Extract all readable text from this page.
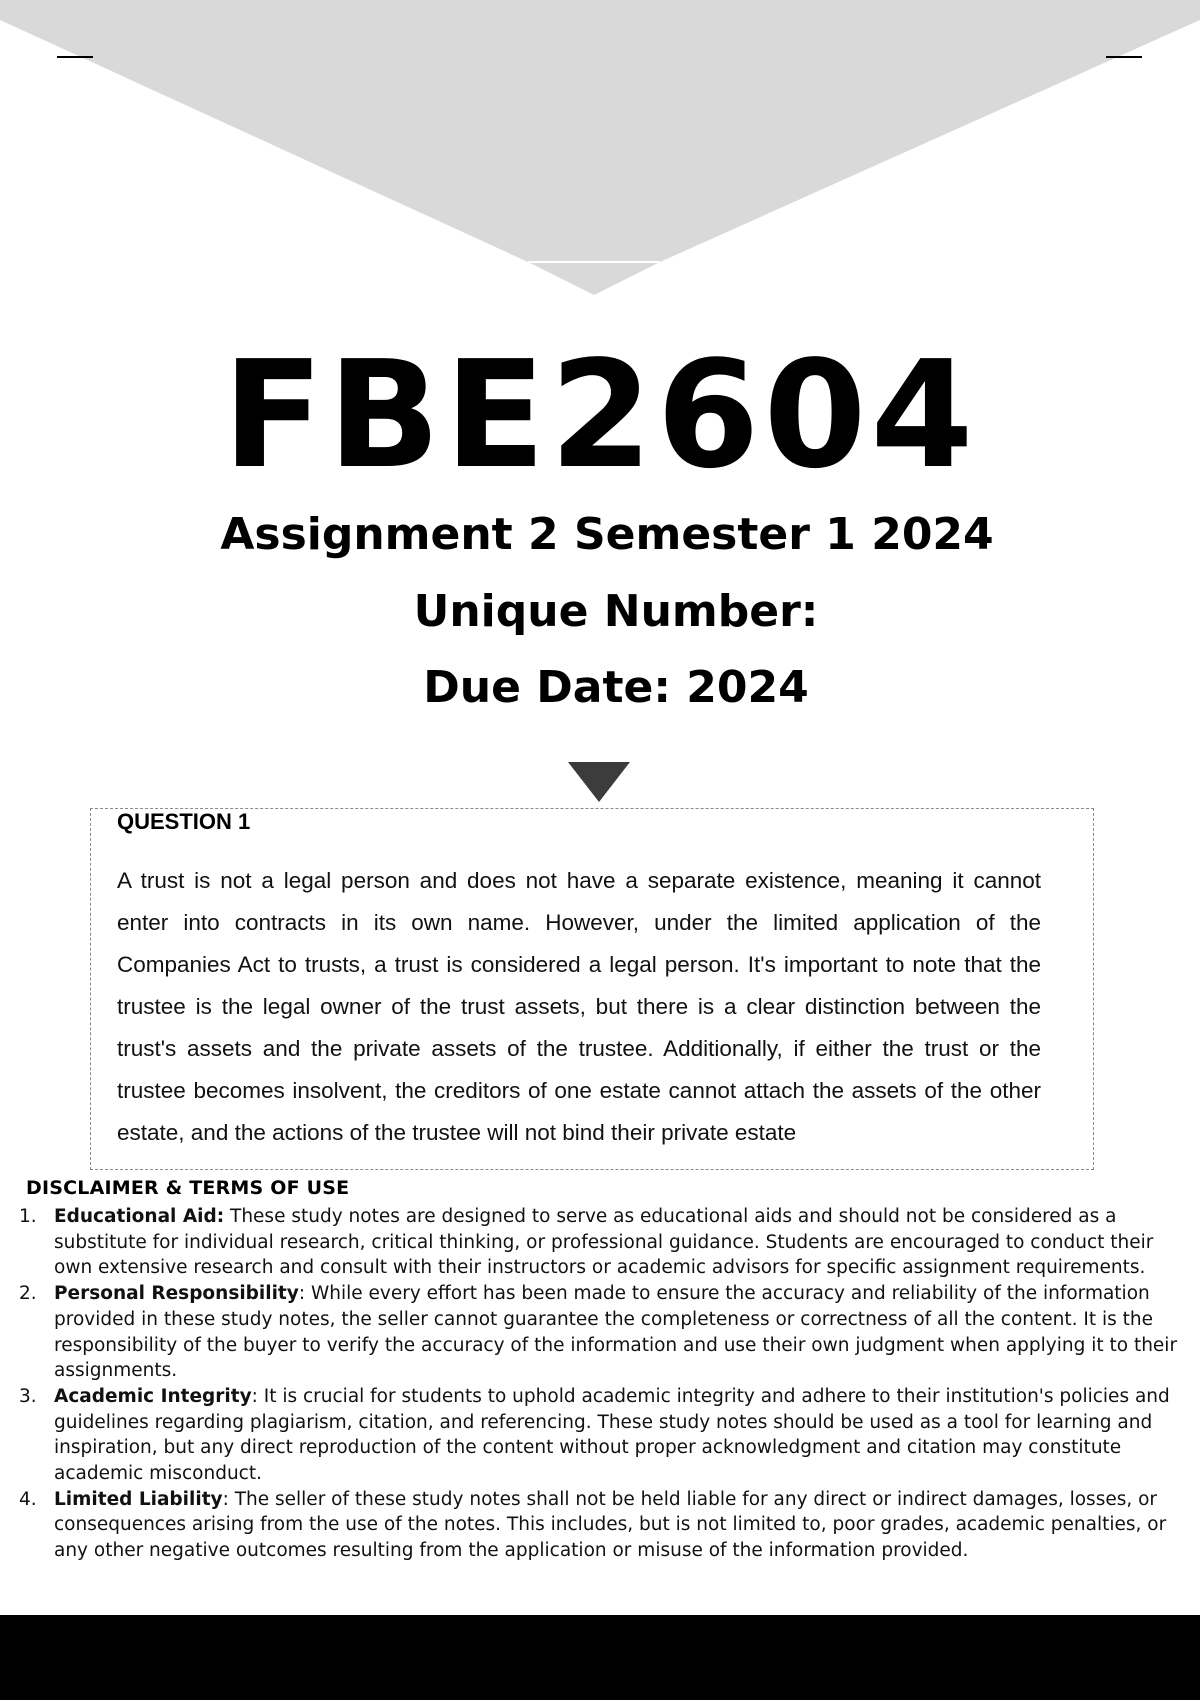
FBE2604
Assignment 2 Semester 1 2024
Unique Number:
Due Date: 2024
QUESTION 1
A trust is not a legal person and does not have a separate existence, meaning it cannot enter into contracts in its own name. However, under the limited application of the Companies Act to trusts, a trust is considered a legal person. It's important to note that the trustee is the legal owner of the trust assets, but there is a clear distinction between the trust's assets and the private assets of the trustee. Additionally, if either the trust or the trustee becomes insolvent, the creditors of one estate cannot attach the assets of the other estate, and the actions of the trustee will not bind their private estate
DISCLAIMER & TERMS OF USE
1. Educational Aid: These study notes are designed to serve as educational aids and should not be considered as a substitute for individual research, critical thinking, or professional guidance. Students are encouraged to conduct their own extensive research and consult with their instructors or academic advisors for specific assignment requirements.
2. Personal Responsibility: While every effort has been made to ensure the accuracy and reliability of the information provided in these study notes, the seller cannot guarantee the completeness or correctness of all the content. It is the responsibility of the buyer to verify the accuracy of the information and use their own judgment when applying it to their assignments.
3. Academic Integrity: It is crucial for students to uphold academic integrity and adhere to their institution's policies and guidelines regarding plagiarism, citation, and referencing. These study notes should be used as a tool for learning and inspiration, but any direct reproduction of the content without proper acknowledgment and citation may constitute academic misconduct.
4. Limited Liability: The seller of these study notes shall not be held liable for any direct or indirect damages, losses, or consequences arising from the use of the notes. This includes, but is not limited to, poor grades, academic penalties, or any other negative outcomes resulting from the application or misuse of the information provided.
